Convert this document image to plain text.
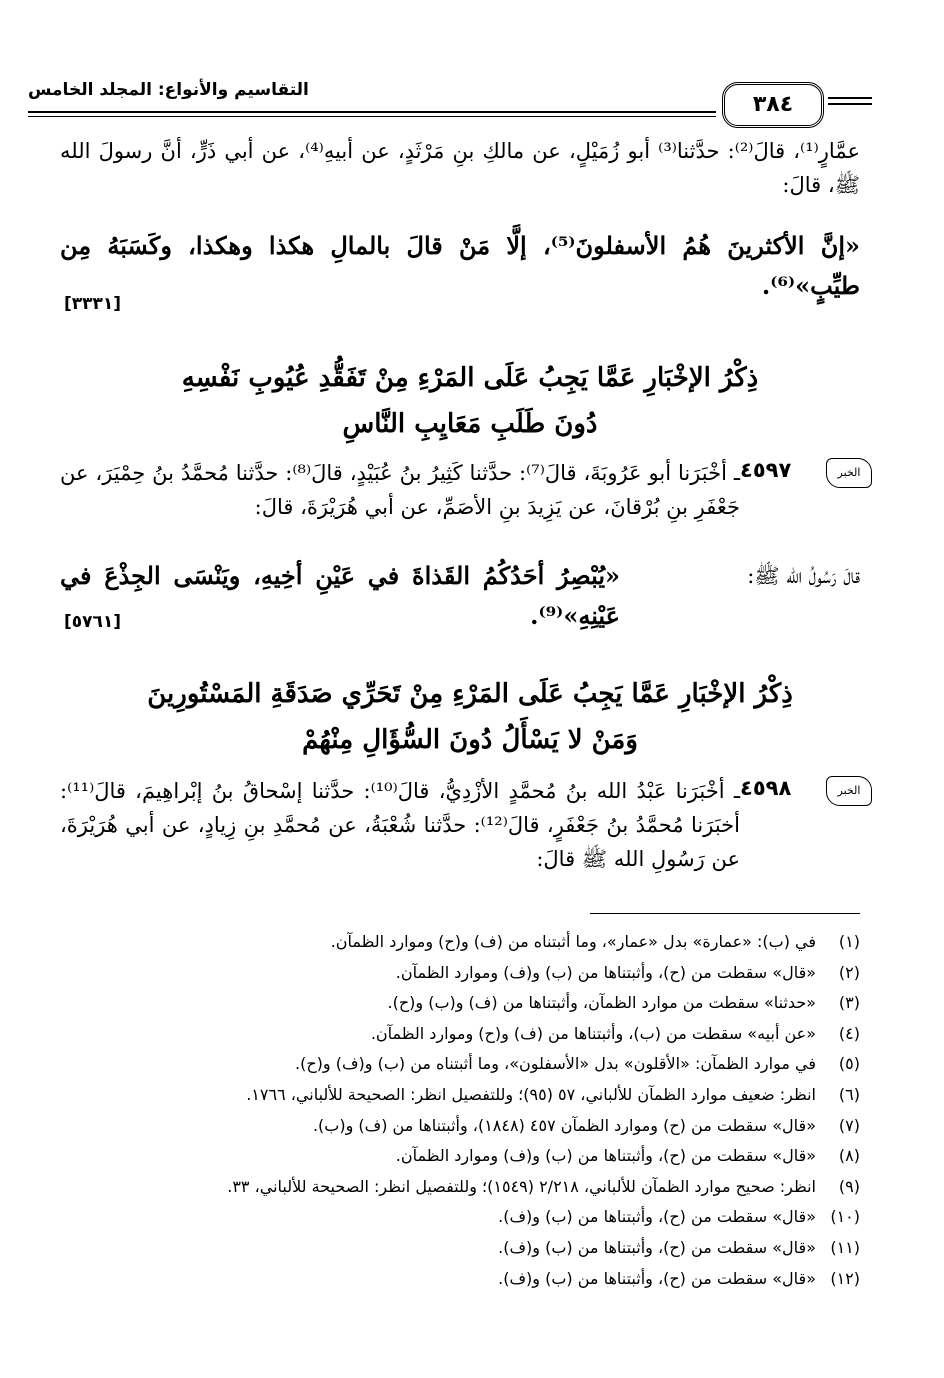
التقاسيم والأنواع: المجلد الخامس
٣٨٤
عمَّارٍ⁽¹⁾، قالَ⁽²⁾: حدَّثنا⁽³⁾ أبو زُمَيْلٍ، عن مالكِ بنِ مَرْثَدٍ، عن أبيهِ⁽⁴⁾، عن أبي ذَرٍّ، أنَّ رسولَ الله ﷺ، قالَ:
«إنَّ الأكثرينَ هُمُ الأسفلونَ⁽⁵⁾، إلَّا مَنْ قالَ بالمالِ هكذا وهكذا، وكَسَبَهُ مِن طيِّبٍ»⁽⁶⁾.
[٣٣٣١]
ذِكْرُ الإخْبَارِ عَمَّا يَجِبُ عَلَى المَرْءِ مِنْ تَفَقُّدِ عُيُوبِ نَفْسِهِ
دُونَ طَلَبِ مَعَايِبِ النَّاسِ
الخبر
٤٥٩٧
ـ أخْبَرَنا أبو عَرُوبَةَ، قالَ⁽⁷⁾: حدَّثنا كَثِيرُ بنُ عُبَيْدٍ، قالَ⁽⁸⁾: حدَّثنا مُحمَّدُ بنُ حِمْيَرَ، عن جَعْفَرِ بنِ بُرْقانَ، عن يَزِيدَ بنِ الأصَمِّ، عن أبي هُرَيْرَةَ، قالَ:
قالَ رَسُولُ الله ﷺ:
«يُبْصِرُ أحَدُكُمُ القَذاةَ في عَيْنِ أخِيهِ، ويَنْسَى الجِذْعَ في عَيْنِهِ»⁽⁹⁾.
[٥٧٦١]
ذِكْرُ الإخْبَارِ عَمَّا يَجِبُ عَلَى المَرْءِ مِنْ تَحَرِّي صَدَقَةِ المَسْتُورِينَ
وَمَنْ لا يَسْأَلُ دُونَ السُّؤَالِ مِنْهُمْ
الخبر
٤٥٩٨
ـ أخْبَرَنا عَبْدُ الله بنُ مُحمَّدٍ الأزْدِيُّ، قالَ⁽¹⁰⁾: حدَّثنا إسْحاقُ بنُ إبْراهِيمَ، قالَ⁽¹¹⁾: أخبَرَنا مُحمَّدُ بنُ جَعْفَرٍ، قالَ⁽¹²⁾: حدَّثنا شُعْبَةُ، عن مُحمَّدِ بنِ زِيادٍ، عن أبي هُرَيْرَةَ، عن رَسُولِ الله ﷺ قالَ:
(١)في (ب): «عمارة» بدل «عمار»، وما أثبتناه من (ف) و(ح) وموارد الظمآن.
(٢)«قال» سقطت من (ح)، وأثبتناها من (ب) و(ف) وموارد الظمآن.
(٣)«حدثنا» سقطت من موارد الظمآن، وأثبتناها من (ف) و(ب) و(ح).
(٤)«عن أبيه» سقطت من (ب)، وأثبتناها من (ف) و(ح) وموارد الظمآن.
(٥)في موارد الظمآن: «الأقلون» بدل «الأسفلون»، وما أثبتناه من (ب) و(ف) و(ح).
(٦)انظر: ضعيف موارد الظمآن للألباني، ٥٧ (٩٥)؛ وللتفصيل انظر: الصحيحة للألباني، ١٧٦٦.
(٧)«قال» سقطت من (ح) وموارد الظمآن ٤٥٧ (١٨٤٨)، وأثبتناها من (ف) و(ب).
(٨)«قال» سقطت من (ح)، وأثبتناها من (ب) و(ف) وموارد الظمآن.
(٩)انظر: صحيح موارد الظمآن للألباني، ٢/٢١٨ (١٥٤٩)؛ وللتفصيل انظر: الصحيحة للألباني، ٣٣.
(١٠)«قال» سقطت من (ح)، وأثبتناها من (ب) و(ف).
(١١)«قال» سقطت من (ح)، وأثبتناها من (ب) و(ف).
(١٢)«قال» سقطت من (ح)، وأثبتناها من (ب) و(ف).
